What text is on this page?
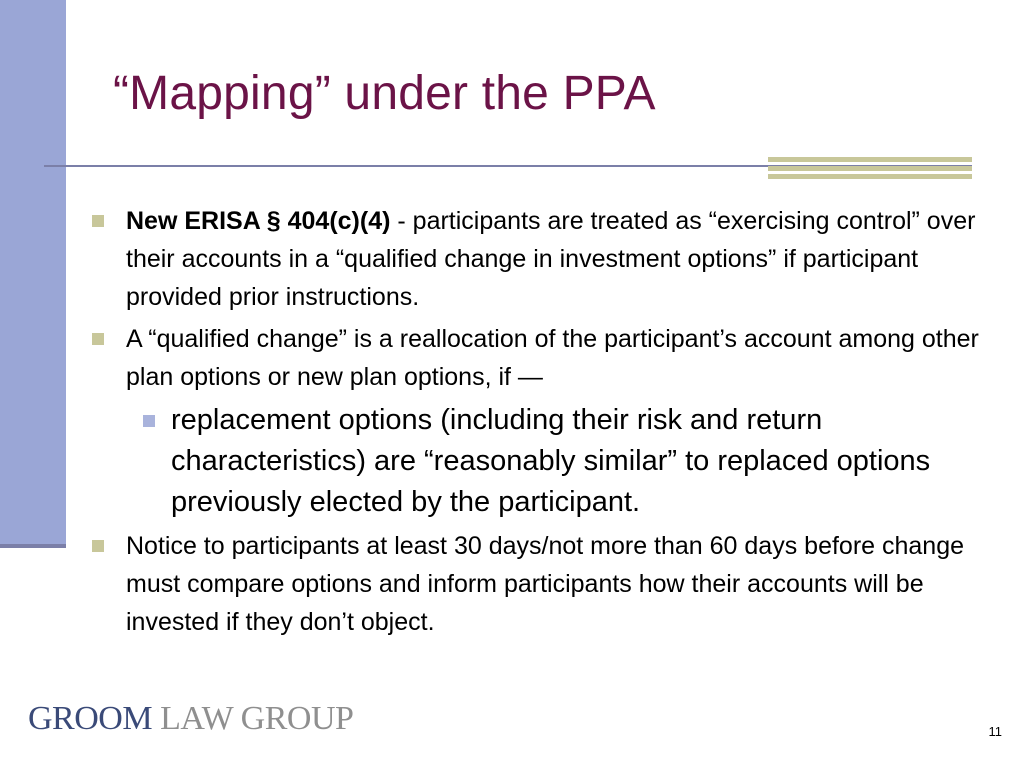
“Mapping” under the PPA
New ERISA § 404(c)(4) - participants are treated as “exercising control” over their accounts in a “qualified change in investment options” if participant provided prior instructions.
A “qualified change” is a reallocation of the participant’s account among other plan options or new plan options, if —
replacement options (including their risk and return characteristics) are “reasonably similar” to replaced options previously elected by the participant.
Notice to participants at least 30 days/not more than 60 days before change must compare options and inform participants how their accounts will be invested if they don’t object.
GROOM LAW GROUP	11
